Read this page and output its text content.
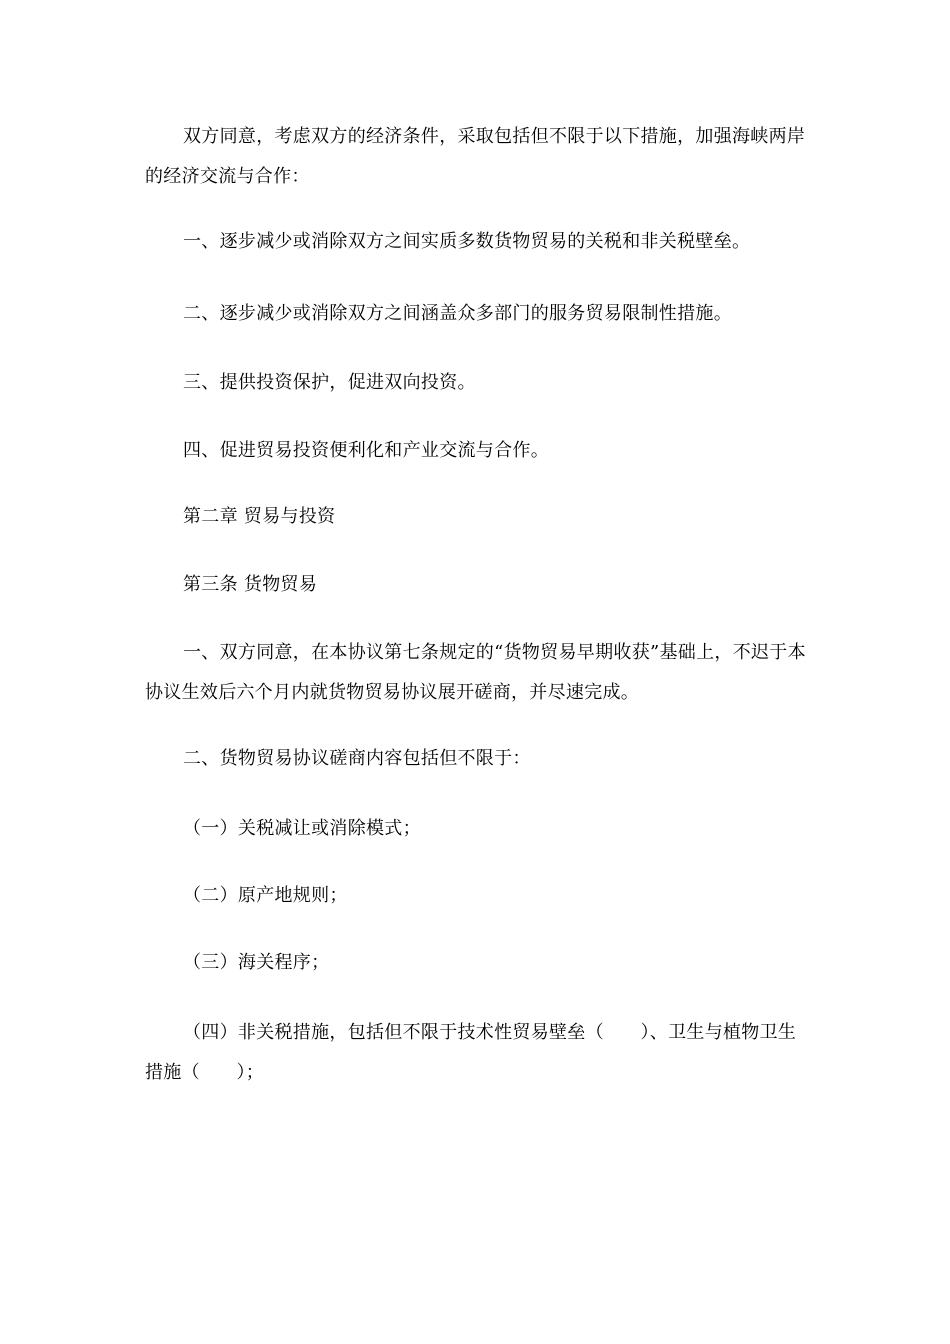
双方同意，考虑双方的经济条件，采取包括但不限于以下措施，加强海峡两岸的经济交流与合作：

一、逐步减少或消除双方之间实质多数货物贸易的关税和非关税壁垒。

二、逐步减少或消除双方之间涵盖众多部门的服务贸易限制性措施。

三、提供投资保护，促进双向投资。

四、促进贸易投资便利化和产业交流与合作。

第二章 贸易与投资

第三条 货物贸易

一、双方同意，在本协议第七条规定的“货物贸易早期收获”基础上，不迟于本协议生效后六个月内就货物贸易协议展开磋商，并尽速完成。

二、货物贸易协议磋商内容包括但不限于：

（一）关税减让或消除模式；

（二）原产地规则；

（三）海关程序；

（四）非关税措施，包括但不限于技术性贸易壁垒（　　）、卫生与植物卫生措施（　　）；
